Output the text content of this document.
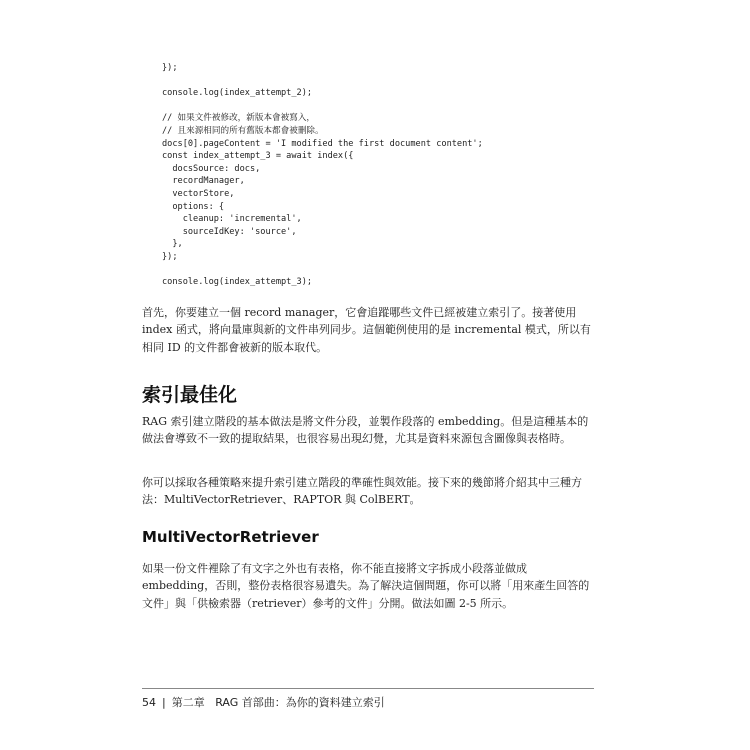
});
console.log(index_attempt_2);
// 如果文件被修改，新版本會被寫入，
// 且來源相同的所有舊版本都會被刪除。
docs[0].pageContent = 'I modified the first document content';
const index_attempt_3 = await index({
docsSource: docs,
recordManager,
vectorStore,
options: {
cleanup: 'incremental',
sourceIdKey: 'source',
},
});
console.log(index_attempt_3);

首先，你要建立一個 record manager，它會追蹤哪些文件已經被建立索引了。接著使用 index 函式，將向量庫與新的文件串列同步。這個範例使用的是 incremental 模式，所以有相同 ID 的文件都會被新的版本取代。

索引最佳化

RAG 索引建立階段的基本做法是將文件分段，並製作段落的 embedding。但是這種基本的做法會導致不一致的提取結果，也很容易出現幻覺，尤其是資料來源包含圖像與表格時。

你可以採取各種策略來提升索引建立階段的準確性與效能。接下來的幾節將介紹其中三種方法：MultiVectorRetriever、RAPTOR 與 ColBERT。

MultiVectorRetriever

如果一份文件裡除了有文字之外也有表格，你不能直接將文字拆成小段落並做成 embedding，否則，整份表格很容易遺失。為了解決這個問題，你可以將「用來產生回答的文件」與「供檢索器（retriever）參考的文件」分開。做法如圖 2-5 所示。

54 | 第二章 RAG 首部曲：為你的資料建立索引
